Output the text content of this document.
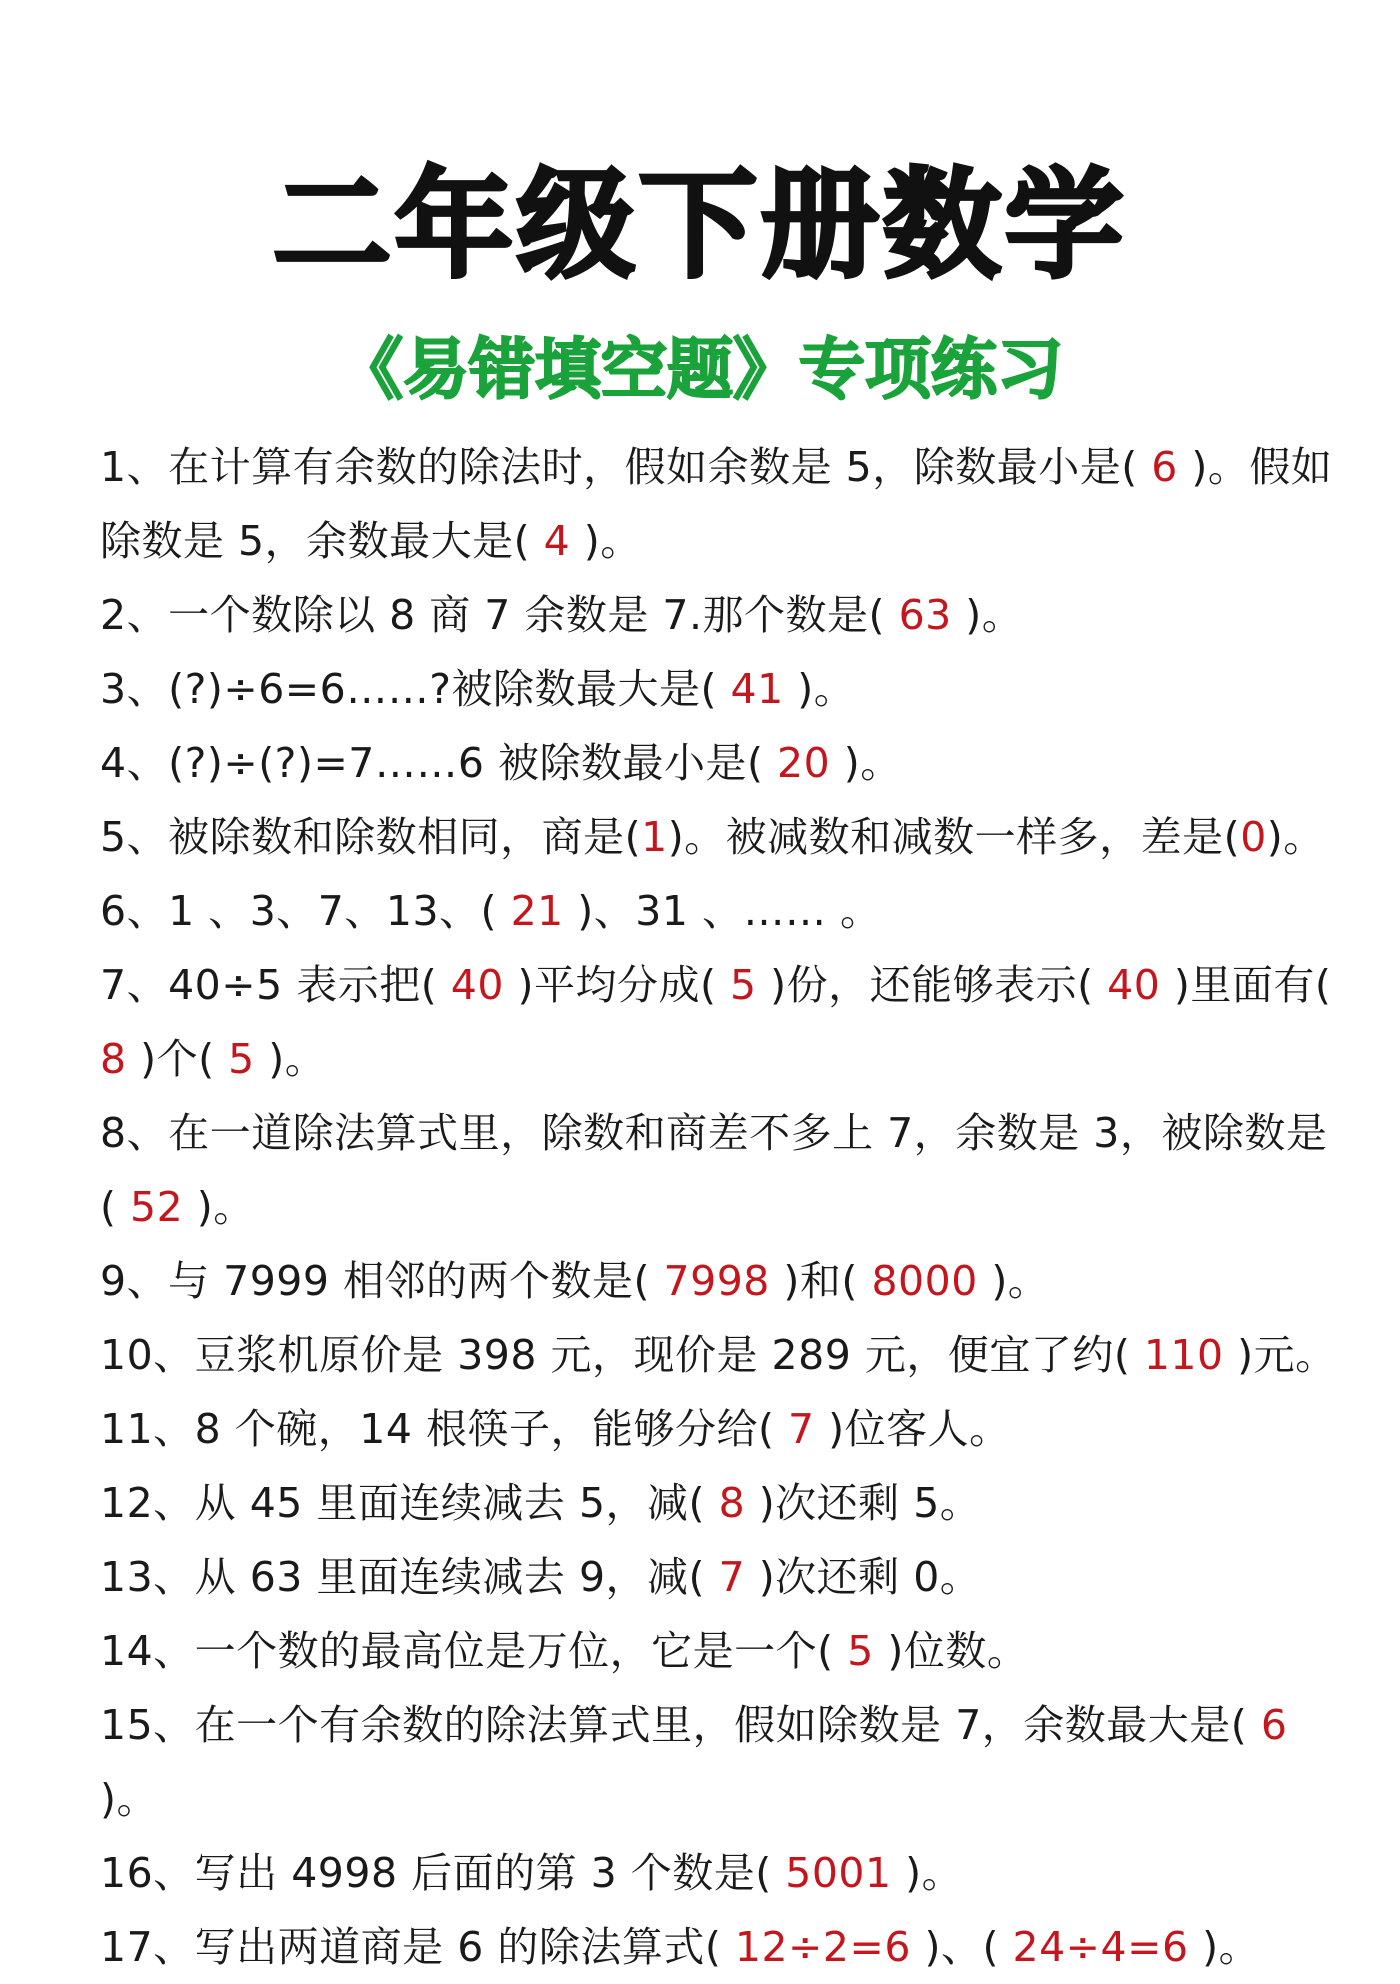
二年级下册数学
《易错填空题》专项练习

1、在计算有余数的除法时，假如余数是 5，除数最小是( 6 )。假如除数是 5，余数最大是( 4 )。

2、一个数除以 8 商 7 余数是 7.那个数是( 63 )。

3、(?)÷6=6……?被除数最大是( 41 )。

4、(?)÷(?)=7……6 被除数最小是( 20 )。

5、被除数和除数相同，商是(1)。被减数和减数一样多，差是(0)。

6、1 、3、7、13、( 21 )、31 、…… 。

7、40÷5 表示把( 40 )平均分成( 5 )份，还能够表示( 40 )里面有( 8 )个( 5 )。

8、在一道除法算式里，除数和商差不多上 7，余数是 3，被除数是( 52 )。

9、与 7999 相邻的两个数是( 7998 )和( 8000 )。

10、豆浆机原价是 398 元，现价是 289 元，便宜了约( 110 )元。

11、8 个碗，14 根筷子，能够分给( 7 )位客人。

12、从 45 里面连续减去 5，减( 8 )次还剩 5。

13、从 63 里面连续减去 9，减( 7 )次还剩 0。

14、一个数的最高位是万位，它是一个( 5 )位数。

15、在一个有余数的除法算式里，假如除数是 7，余数最大是( 6 )。

16、写出 4998 后面的第 3 个数是( 5001 )。

17、写出两道商是 6 的除法算式( 12÷2=6 )、( 24÷4=6 )。
